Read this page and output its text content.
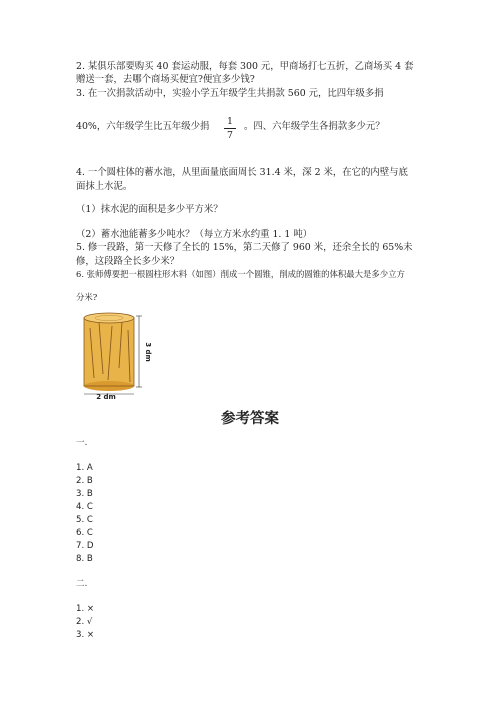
2. 某俱乐部要购买 40 套运动服，每套 300 元，甲商场打七五折，乙商场买 4 套
赠送一套，去哪个商场买便宜?便宜多少钱?
3. 在一次捐款活动中，实验小学五年级学生共捐款 560 元，比四年级多捐
40%，六年级学生比五年级少捐	1
7
。四、六年级学生各捐款多少元？
4. 一个圆柱体的蓄水池，从里面量底面周长 31.4 米，深 2 米，在它的内壁与底
面抹上水泥。
（1）抹水泥的面积是多少平方米？
（2）蓄水池能蓄多少吨水？（每立方米水约重 1. 1 吨）
5. 修一段路，第一天修了全长的 15%，第二天修了 960 米，还余全长的 65%未
修，这段路全长多少米？
6. 张师傅要把一根圆柱形木料（如图）削成一个圆锥，削成的圆锥的体积最大是多少立方
分米?
3 dm
2 dm
参考答案
一.
1. A
2. B
3. B
4. C
5. C
6. C
7. D
8. B
二.
1. ×
2. √
3. ×
